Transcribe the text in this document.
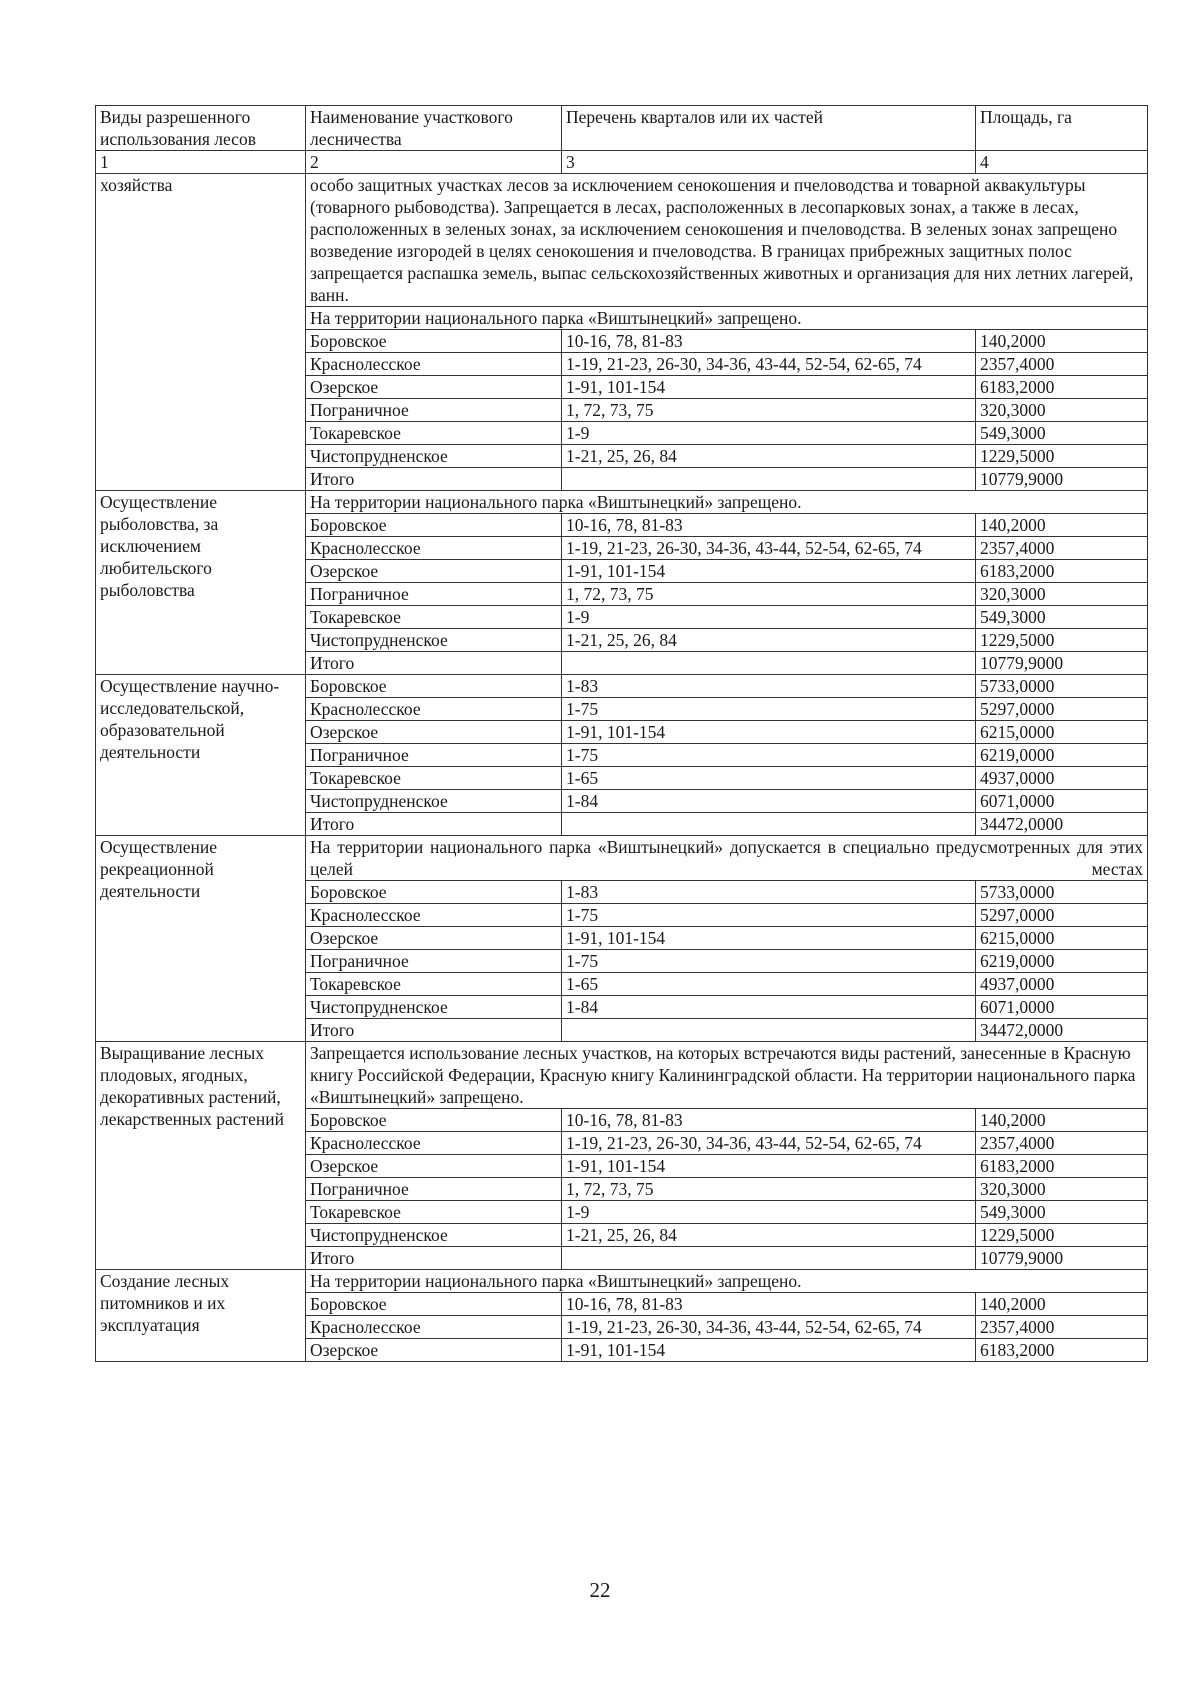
Виды разрешенного использования лесов	Наименование участкового лесничества	Перечень кварталов или их частей	Площадь, га
1	2	3	4
хозяйства	особо защитных участках лесов за исключением сенокошения и пчеловодства и товарной аквакультуры (товарного рыбоводства). Запрещается в лесах, расположенных в лесопарковых зонах, а также в лесах, расположенных в зеленых зонах, за исключением сенокошения и пчеловодства. В зеленых зонах запрещено возведение изгородей в целях сенокошения и пчеловодства. В границах прибрежных защитных полос запрещается распашка земель, выпас сельскохозяйственных животных и организация для них летних лагерей, ванн.		
	На территории национального парка «Виштынецкий» запрещено.		
	Боровское	10-16, 78, 81-83	140,2000
	Краснолесское	1-19, 21-23, 26-30, 34-36, 43-44, 52-54, 62-65, 74	2357,4000
	Озерское	1-91, 101-154	6183,2000
	Пограничное	1, 72, 73, 75	320,3000
	Токаревское	1-9	549,3000
	Чистопрудненское	1-21, 25, 26, 84	1229,5000
	Итого		10779,9000
Осуществление рыболовства, за исключением любительского рыболовства	На территории национального парка «Виштынецкий» запрещено.		
	Боровское	10-16, 78, 81-83	140,2000
	Краснолесское	1-19, 21-23, 26-30, 34-36, 43-44, 52-54, 62-65, 74	2357,4000
	Озерское	1-91, 101-154	6183,2000
	Пограничное	1, 72, 73, 75	320,3000
	Токаревское	1-9	549,3000
	Чистопрудненское	1-21, 25, 26, 84	1229,5000
	Итого		10779,9000
Осуществление научно-исследовательской, образовательной деятельности	Боровское	1-83	5733,0000
	Краснолесское	1-75	5297,0000
	Озерское	1-91, 101-154	6215,0000
	Пограничное	1-75	6219,0000
	Токаревское	1-65	4937,0000
	Чистопрудненское	1-84	6071,0000
	Итого		34472,0000
Осуществление рекреационной деятельности	На территории национального парка «Виштынецкий» допускается в специально предусмотренных для этих целей местах		
	Боровское	1-83	5733,0000
	Краснолесское	1-75	5297,0000
	Озерское	1-91, 101-154	6215,0000
	Пограничное	1-75	6219,0000
	Токаревское	1-65	4937,0000
	Чистопрудненское	1-84	6071,0000
	Итого		34472,0000
Выращивание лесных плодовых, ягодных, декоративных растений, лекарственных растений	Запрещается использование лесных участков, на которых встречаются виды растений, занесенные в Красную книгу Российской Федерации, Красную книгу Калининградской области. На территории национального парка «Виштынецкий» запрещено.		
	Боровское	10-16, 78, 81-83	140,2000
	Краснолесское	1-19, 21-23, 26-30, 34-36, 43-44, 52-54, 62-65, 74	2357,4000
	Озерское	1-91, 101-154	6183,2000
	Пограничное	1, 72, 73, 75	320,3000
	Токаревское	1-9	549,3000
	Чистопрудненское	1-21, 25, 26, 84	1229,5000
	Итого		10779,9000
Создание лесных питомников и их эксплуатация	На территории национального парка «Виштынецкий» запрещено.		
	Боровское	10-16, 78, 81-83	140,2000
	Краснолесское	1-19, 21-23, 26-30, 34-36, 43-44, 52-54, 62-65, 74	2357,4000
	Озерское	1-91, 101-154	6183,2000
22
